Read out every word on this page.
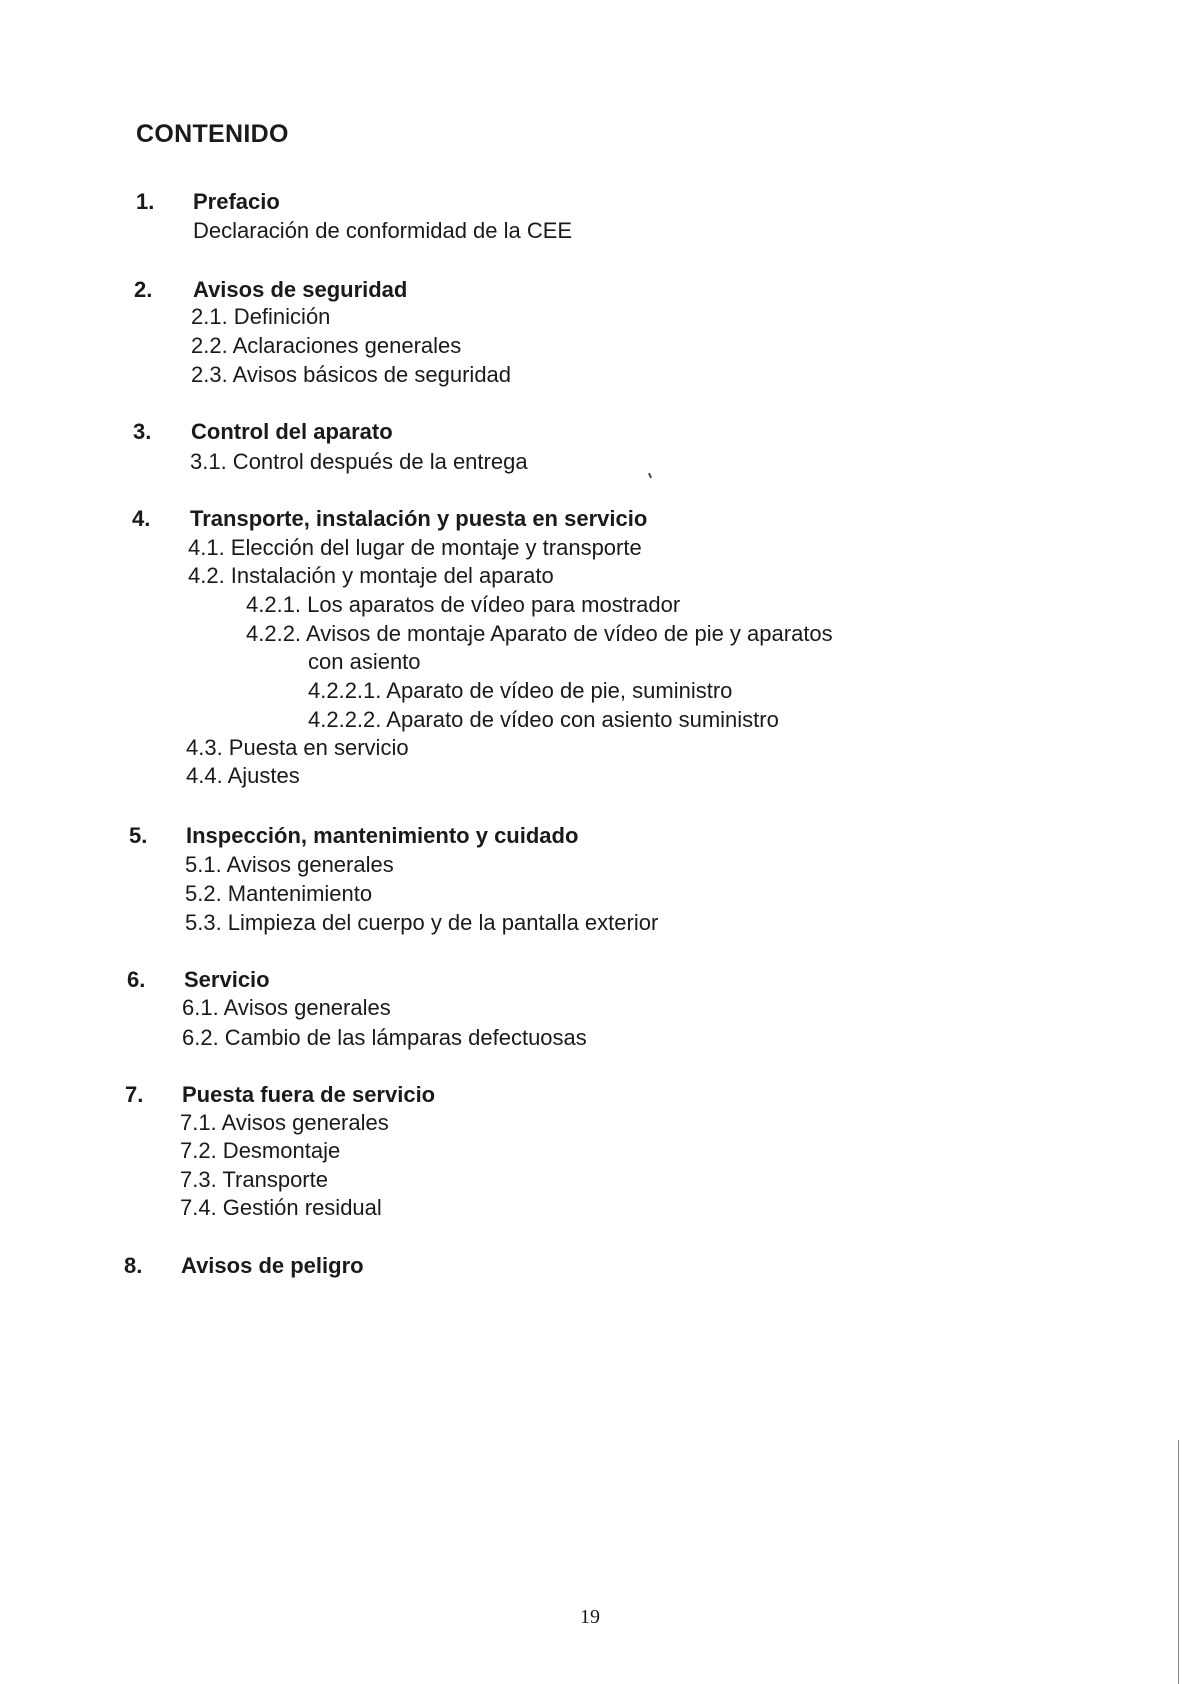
CONTENIDO
1. Prefacio
Declaración de conformidad de la CEE
2. Avisos de seguridad
2.1. Definición
2.2. Aclaraciones generales
2.3. Avisos básicos de seguridad
3. Control del aparato
3.1. Control después de la entrega
4. Transporte, instalación y puesta en servicio
4.1. Elección del lugar de montaje y transporte
4.2. Instalación y montaje del aparato
4.2.1. Los aparatos de vídeo para mostrador
4.2.2. Avisos de montaje Aparato de vídeo de pie y aparatos
con asiento
4.2.2.1. Aparato de vídeo de pie, suministro
4.2.2.2. Aparato de vídeo con asiento suministro
4.3. Puesta en servicio
4.4. Ajustes
5. Inspección, mantenimiento y cuidado
5.1. Avisos generales
5.2. Mantenimiento
5.3. Limpieza del cuerpo y de la pantalla exterior
6. Servicio
6.1. Avisos generales
6.2. Cambio de las lámparas defectuosas
7. Puesta fuera de servicio
7.1. Avisos generales
7.2. Desmontaje
7.3. Transporte
7.4. Gestión residual
8. Avisos de peligro
19
